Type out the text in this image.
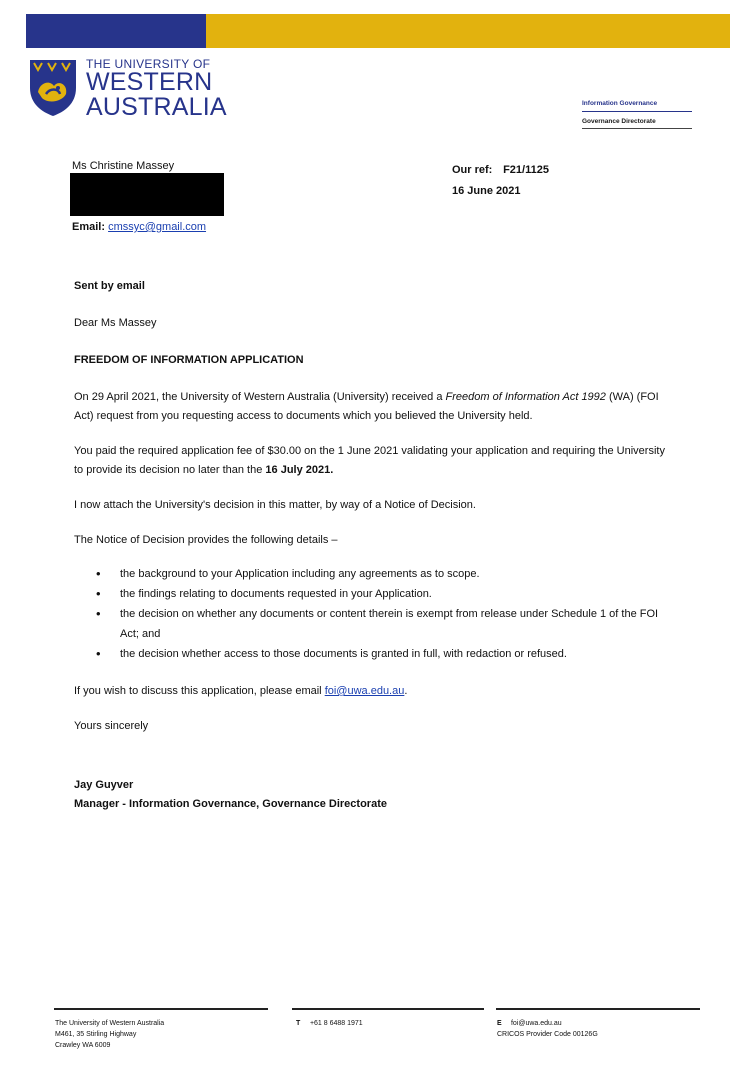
THE UNIVERSITY OF
WESTERN
AUSTRALIA	Information Governance
Governance Directorate
Ms Christine Massey
Email: cmssyc@gmail.com
Our ref: F21/1125
16 June 2021

Sent by email

Dear Ms Massey

FREEDOM OF INFORMATION APPLICATION

On 29 April 2021, the University of Western Australia (University) received a Freedom of Information Act 1992 (WA) (FOI Act) request from you requesting access to documents which you believed the University held.

You paid the required application fee of $30.00 on the 1 June 2021 validating your application and requiring the University to provide its decision no later than the 16 July 2021.

I now attach the University's decision in this matter, by way of a Notice of Decision.

The Notice of Decision provides the following details –

• the background to your Application including any agreements as to scope.
• the findings relating to documents requested in your Application.
• the decision on whether any documents or content therein is exempt from release under Schedule 1 of the FOI Act; and
• the decision whether access to those documents is granted in full, with redaction or refused.

If you wish to discuss this application, please email foi@uwa.edu.au.

Yours sincerely

Jay Guyver

Manager - Information Governance, Governance Directorate

The University of Western Australia
M461, 35 Stirling Highway
Crawley WA 6009
T +61 8 6488 1971	E foi@uwa.edu.au
CRICOS Provider Code 00126G
